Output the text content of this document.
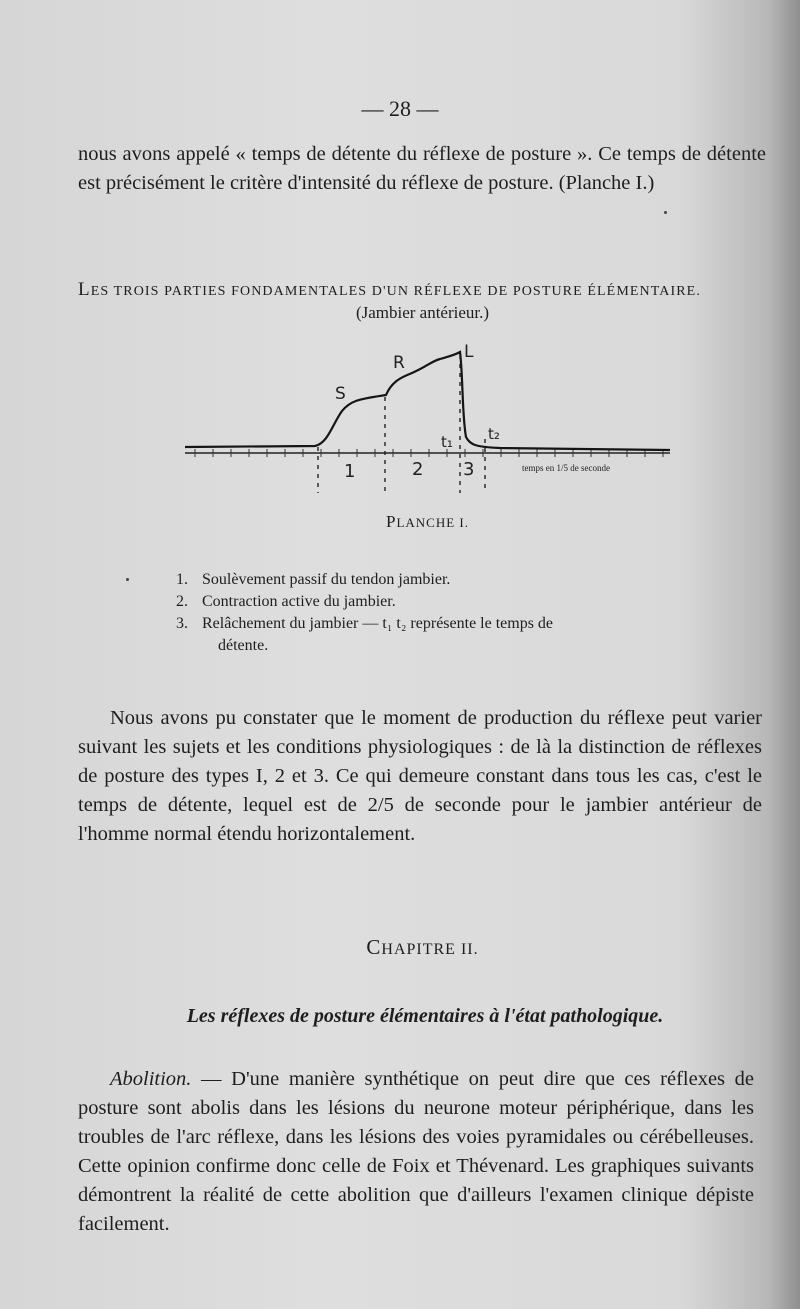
— 28 —

nous avons appelé « temps de détente du réflexe de posture ». Ce temps de détente est précisément le critère d'intensité du réflexe de posture. (Planche I.)

LES TROIS PARTIES FONDAMENTALES D'UN RÉFLEXE DE POSTURE ÉLÉMENTAIRE.
(Jambier antérieur.)
S
R
L
t₁ t₂
1	2 3	temps en 1/5 de seconde
PLANCHE I.
1. Soulèvement passif du tendon jambier.
2. Contraction active du jambier.
3. Relâchement du jambier — t₁ t₂ représente le temps de
détente.

Nous avons pu constater que le moment de production du réflexe peut varier suivant les sujets et les conditions physiologiques : de là la distinction de réflexes de posture des types I, 2 et 3. Ce qui demeure constant dans tous les cas, c'est le temps de détente, lequel est de 2/5 de seconde pour le jambier antérieur de l'homme normal étendu horizontalement.

CHAPITRE II.
Les réflexes de posture élémentaires à l'état pathologique.

Abolition. — D'une manière synthétique on peut dire que ces réflexes de posture sont abolis dans les lésions du neurone moteur périphérique, dans les troubles de l'arc réflexe, dans les lésions des voies pyramidales ou cérébelleuses. Cette opinion confirme donc celle de Foix et Thévenard. Les graphiques suivants démontrent la réalité de cette abolition que d'ailleurs l'examen clinique dépiste facilement.
